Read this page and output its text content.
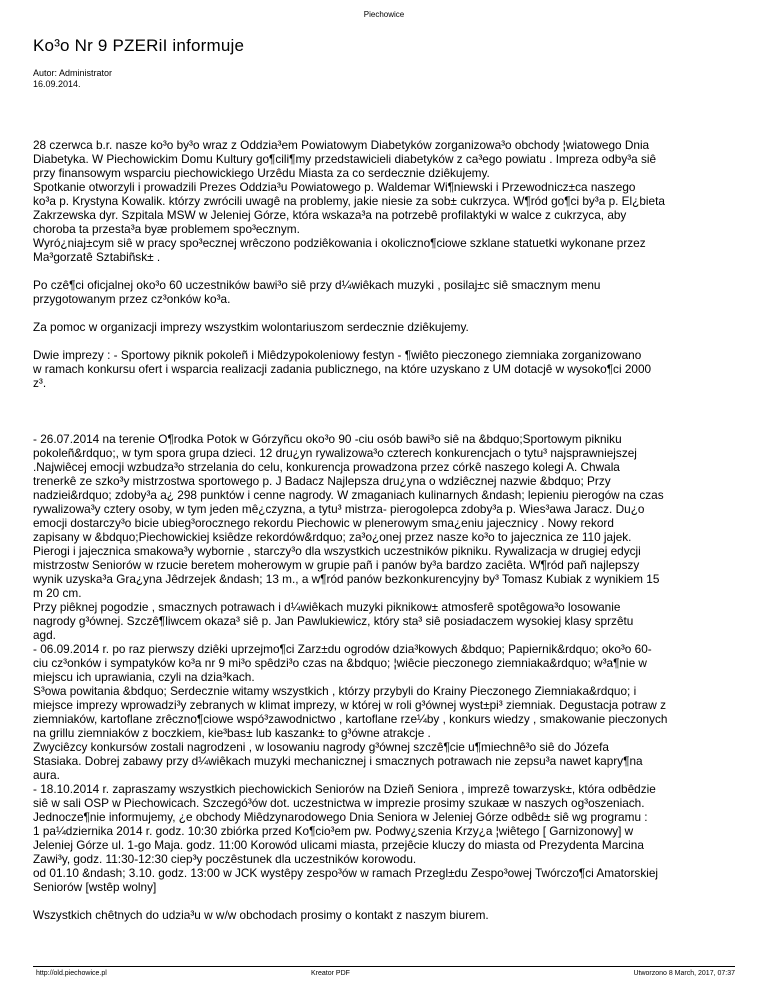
Piechowice
Ko³o Nr 9 PZERiI informuje
Autor: Administrator
16.09.2014.

28 czerwca b.r. nasze ko³o by³o wraz z Oddzia³em Powiatowym Diabetyków zorganizowa³o obchody ¦wiatowego Dnia
Diabetyka. W Piechowickim Domu Kultury go¶cili¶my przedstawicieli diabetyków z ca³ego powiatu . Impreza odby³a siê
przy finansowym wsparciu piechowickiego Urzêdu Miasta za co serdecznie dziêkujemy.
Spotkanie otworzyli i prowadzili Prezes Oddzia³u Powiatowego p. Waldemar Wi¶niewski i Przewodnicz±ca naszego
ko³a p. Krystyna Kowalik. którzy zwrócili uwagê na problemy, jakie niesie za sob± cukrzyca. W¶ród go¶ci by³a p. El¿bieta
Zakrzewska dyr. Szpitala MSW w Jeleniej Górze, która wskaza³a na potrzebê profilaktyki w walce z cukrzyca, aby
choroba ta przesta³a byæ problemem spo³ecznym.
Wyró¿niaj±cym siê w pracy spo³ecznej wrêczono podziêkowania i okoliczno¶ciowe szklane statuetki wykonane przez
Ma³gorzatê Sztabiñsk± .

Po czê¶ci oficjalnej oko³o 60 uczestników bawi³o siê przy d¼wiêkach muzyki , posilaj±c siê smacznym menu
przygotowanym przez cz³onków ko³a.

Za pomoc w organizacji imprezy wszystkim wolontariuszom serdecznie dziêkujemy.

Dwie imprezy : - Sportowy piknik pokoleñ i Miêdzypokoleniowy festyn - ¶wiêto pieczonego ziemniaka zorganizowano
w ramach konkursu ofert i wsparcia realizacji zadania publicznego, na które uzyskano z UM dotacjê w wysoko¶ci 2000
z³.

- 26.07.2014 na terenie O¶rodka Potok w Górzyñcu oko³o 90 -ciu osób bawi³o siê na &bdquo;Sportowym pikniku
pokoleñ&rdquo;, w tym spora grupa dzieci. 12 dru¿yn rywalizowa³o czterech konkurencjach o tytu³ najsprawniejszej
.Najwiêcej emocji wzbudza³o strzelania do celu, konkurencja prowadzona przez córkê naszego kolegi A. Chwala
trenerkê ze szko³y mistrzostwa sportowego p. J Badacz Najlepsza dru¿yna o wdziêcznej nazwie &bdquo; Przy
nadziei&rdquo; zdoby³a a¿ 298 punktów i cenne nagrody. W zmaganiach kulinarnych &ndash; lepieniu pierogów na czas
rywalizowa³y cztery osoby, w tym jeden mê¿czyzna, a tytu³ mistrza- pierogolepca zdoby³a p. Wies³awa Jaracz. Du¿o
emocji dostarczy³o bicie ubieg³orocznego rekordu Piechowic w plenerowym sma¿eniu jajecznicy . Nowy rekord
zapisany w &bdquo;Piechowickiej ksiêdze rekordów&rdquo; za³o¿onej przez nasze ko³o to jajecznica ze 110 jajek.
Pierogi i jajecznica smakowa³y wybornie , starczy³o dla wszystkich uczestników pikniku. Rywalizacja w drugiej edycji
mistrzostw Seniorów w rzucie beretem moherowym w grupie pañ i panów by³a bardzo zaciêta. W¶ród pañ najlepszy
wynik uzyska³a Gra¿yna Jêdrzejek &ndash; 13 m., a w¶ród panów bezkonkurencyjny by³ Tomasz Kubiak z wynikiem 15
m 20 cm.
Przy piêknej pogodzie , smacznych potrawach i d¼wiêkach muzyki piknikow± atmosferê spotêgowa³o losowanie
nagrody g³ównej. Szczê¶liwcem okaza³ siê p. Jan Pawlukiewicz, który sta³ siê posiadaczem wysokiej klasy sprzêtu
agd.
- 06.09.2014 r. po raz pierwszy dziêki uprzejmo¶ci Zarz±du ogrodów dzia³kowych &bdquo; Papiernik&rdquo; oko³o 60-
ciu cz³onków i sympatyków ko³a nr 9 mi³o spêdzi³o czas na &bdquo; ¦wiêcie pieczonego ziemniaka&rdquo; w³a¶nie w
miejscu ich uprawiania, czyli na dzia³kach.
S³owa powitania &bdquo; Serdecznie witamy wszystkich , którzy przybyli do Krainy Pieczonego Ziemniaka&rdquo; i
miejsce imprezy wprowadzi³y zebranych w klimat imprezy, w której w roli g³ównej wyst±pi³ ziemniak. Degustacja potraw z
ziemniaków, kartoflane zrêczno¶ciowe wspó³zawodnictwo , kartoflane rze¼by , konkurs wiedzy , smakowanie pieczonych
na grillu ziemniaków z boczkiem, kie³bas± lub kaszank± to g³ówne atrakcje .
Zwyciêzcy konkursów zostali nagrodzeni , w losowaniu nagrody g³ównej szczê¶cie u¶miechnê³o siê do Józefa
Stasiaka. Dobrej zabawy przy d¼wiêkach muzyki mechanicznej i smacznych potrawach nie zepsu³a nawet kapry¶na
aura.
- 18.10.2014 r. zapraszamy wszystkich piechowickich Seniorów na Dzieñ Seniora , imprezê towarzysk±, która odbêdzie
siê w sali OSP w Piechowicach. Szczegó³ów dot. uczestnictwa w imprezie prosimy szukaæ w naszych og³oszeniach.
Jednocze¶nie informujemy, ¿e obchody Miêdzynarodowego Dnia Seniora w Jeleniej Górze odbêd± siê wg programu :
1 pa¼dziernika 2014 r. godz. 10:30 zbiórka przed Ko¶cio³em pw. Podwy¿szenia Krzy¿a ¦wiêtego [ Garnizonowy] w
Jeleniej Górze ul. 1-go Maja. godz. 11:00 Korowód ulicami miasta, przejêcie kluczy do miasta od Prezydenta Marcina
Zawi³y, godz. 11:30-12:30 ciep³y poczêstunek dla uczestników korowodu.
od 01.10 &ndash; 3.10. godz. 13:00 w JCK wystêpy zespo³ów w ramach Przegl±du Zespo³owej Twórczo¶ci Amatorskiej
Seniorów [wstêp wolny]

Wszystkich chêtnych do udzia³u w w/w obchodach prosimy o kontakt z naszym biurem.

http://old.piechowice.pl	Kreator PDF	Utworzono 8 March, 2017, 07:37
